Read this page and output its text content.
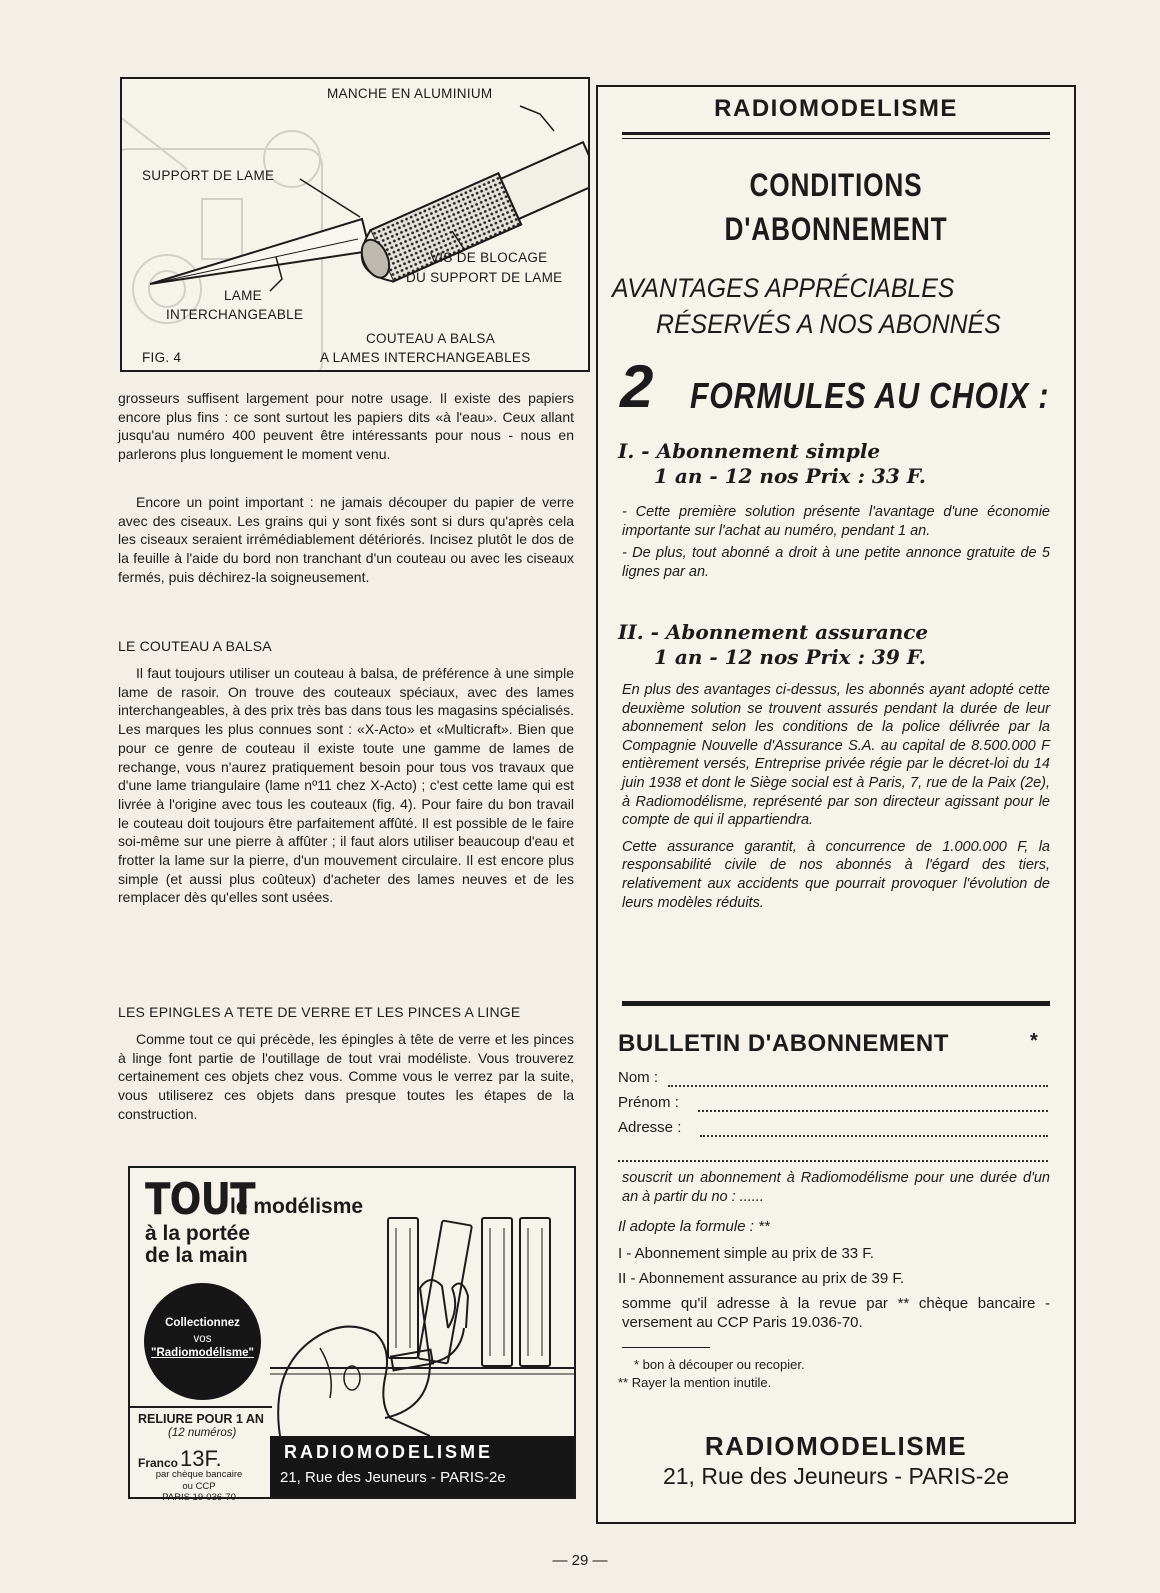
MANCHE EN ALUMINIUM
SUPPORT DE LAME
VIS DE BLOCAGE
DU SUPPORT DE LAME
LAME
INTERCHANGEABLE
COUTEAU A BALSA
A LAMES INTERCHANGEABLES
FIG. 4

grosseurs suffisent largement pour notre usage. Il existe des papiers encore plus fins : ce sont surtout les papiers dits «à l'eau». Ceux allant jusqu'au numéro 400 peuvent être intéressants pour nous - nous en parlerons plus longuement le moment venu.

Encore un point important : ne jamais découper du papier de verre avec des ciseaux. Les grains qui y sont fixés sont si durs qu'après cela les ciseaux seraient irrémédiablement détériorés. Incisez plutôt le dos de la feuille à l'aide du bord non tranchant d'un couteau ou avec les ciseaux fermés, puis déchirez-la soigneusement.

LE COUTEAU A BALSA

Il faut toujours utiliser un couteau à balsa, de préférence à une simple lame de rasoir. On trouve des couteaux spéciaux, avec des lames interchangeables, à des prix très bas dans tous les magasins spécialisés. Les marques les plus connues sont : «X-Acto» et «Multicraft». Bien que pour ce genre de couteau il existe toute une gamme de lames de rechange, vous n'aurez pratiquement besoin pour tous vos travaux que d'une lame triangulaire (lame nº11 chez X-Acto) ; c'est cette lame qui est livrée à l'origine avec tous les couteaux (fig. 4). Pour faire du bon travail le couteau doit toujours être parfaitement affûté. Il est possible de le faire soi-même sur une pierre à affûter ; il faut alors utiliser beaucoup d'eau et frotter la lame sur la pierre, d'un mouvement circulaire. Il est encore plus simple (et aussi plus coûteux) d'acheter des lames neuves et de les remplacer dès qu'elles sont usées.

LES EPINGLES A TETE DE VERRE ET LES PINCES A LINGE

Comme tout ce qui précède, les épingles à tête de verre et les pinces à linge font partie de l'outillage de tout vrai modéliste. Vous trouverez certainement ces objets chez vous. Comme vous le verrez par la suite, vous utiliserez ces objets dans presque toutes les étapes de la construction.

TOUT
le modélisme
à la portée
de la main
Collectionnez
vos
"Radiomodélisme"
RELIURE POUR 1 AN
(12 numéros)
Franco 13F.	RADIOMODELISME
21, Rue des Jeuneurs - PARIS-2e
par chèque bancaire
ou CCP
PARIS 19-036-70
RADIOMODELISME
CONDITIONS
D'ABONNEMENT
AVANTAGES APPRÉCIABLES
RÉSERVÉS A NOS ABONNÉS
2 FORMULES AU CHOIX :
I. - Abonnement simple
1 an - 12 nos Prix : 33 F.

- Cette première solution présente l'avantage d'une économie importante sur l'achat au numéro, pendant 1 an.

- De plus, tout abonné a droit à une petite annonce gratuite de 5 lignes par an.

II. - Abonnement assurance
1 an - 12 nos Prix : 39 F.

En plus des avantages ci-dessus, les abonnés ayant adopté cette deuxième solution se trouvent assurés pendant la durée de leur abonnement selon les conditions de la police délivrée par la Compagnie Nouvelle d'Assurance S.A. au capital de 8.500.000 F entièrement versés, Entreprise privée régie par le décret-loi du 14 juin 1938 et dont le Siège social est à Paris, 7, rue de la Paix (2e), à Radiomodélisme, représenté par son directeur agissant pour le compte de qui il appartiendra.

Cette assurance garantit, à concurrence de 1.000.000 F, la responsabilité civile de nos abonnés à l'égard des tiers, relativement aux accidents que pourrait provoquer l'évolution de leurs modèles réduits.

BULLETIN D'ABONNEMENT	*
Nom :
Prénom :
Adresse :

souscrit un abonnement à Radiomodélisme pour une durée d'un an à partir du no : ......

Il adopte la formule : **
I - Abonnement simple au prix de 33 F.
II - Abonnement assurance au prix de 39 F.

somme qu'il adresse à la revue par ** chèque bancaire - versement au CCP Paris 19.036-70.

* bon à découper ou recopier.
** Rayer la mention inutile.
RADIOMODELISME
21, Rue des Jeuneurs - PARIS-2e
— 29 —
